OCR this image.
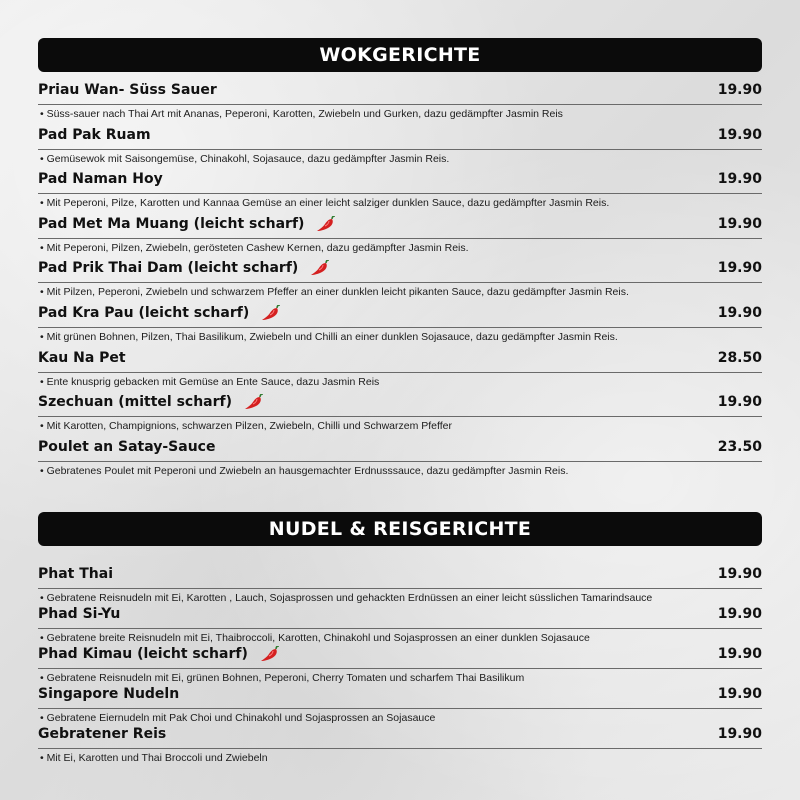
WOKGERICHTE
Priau Wan- Süss Sauer	19.90
• Süss-sauer nach Thai Art mit Ananas, Peperoni, Karotten, Zwiebeln und Gurken, dazu gedämpfter Jasmin Reis
Pad Pak Ruam	19.90
• Gemüsewok mit Saisongemüse, Chinakohl, Sojasauce, dazu gedämpfter Jasmin Reis.
Pad Naman Hoy	19.90
• Mit Peperoni, Pilze, Karotten und Kannaa Gemüse an einer leicht salziger dunklen Sauce, dazu gedämpfter Jasmin Reis.
Pad Met Ma Muang (leicht scharf)	19.90
• Mit Peperoni, Pilzen, Zwiebeln, gerösteten Cashew Kernen, dazu gedämpfter Jasmin Reis.
Pad Prik Thai Dam (leicht scharf)	19.90
• Mit Pilzen, Peperoni, Zwiebeln und schwarzem Pfeffer an einer dunklen leicht pikanten Sauce, dazu gedämpfter Jasmin Reis.
Pad Kra Pau (leicht scharf)	19.90
• Mit grünen Bohnen, Pilzen, Thai Basilikum, Zwiebeln und Chilli an einer dunklen Sojasauce, dazu gedämpfter Jasmin Reis.
Kau Na Pet	28.50
• Ente knusprig gebacken mit Gemüse an Ente Sauce, dazu Jasmin Reis
Szechuan (mittel scharf)	19.90
• Mit Karotten, Champignions, schwarzen Pilzen, Zwiebeln, Chilli und Schwarzem Pfeffer
Poulet an Satay-Sauce	23.50
• Gebratenes Poulet mit Peperoni und Zwiebeln an hausgemachter Erdnusssauce, dazu gedämpfter Jasmin Reis.
NUDEL & REISGERICHTE
Phat Thai	19.90
• Gebratene Reisnudeln mit Ei, Karotten , Lauch, Sojasprossen und gehackten Erdnüssen an einer leicht süsslichen Tamarindsauce
Phad Si-Yu	19.90
• Gebratene breite Reisnudeln mit Ei, Thaibroccoli, Karotten, Chinakohl und Sojasprossen an einer dunklen Sojasauce
Phad Kimau (leicht scharf)	19.90
• Gebratene Reisnudeln mit Ei, grünen Bohnen, Peperoni, Cherry Tomaten und scharfem Thai Basilikum
Singapore Nudeln	19.90
• Gebratene Eiernudeln mit Pak Choi und Chinakohl und Sojasprossen an Sojasauce
Gebratener Reis	19.90
• Mit Ei, Karotten und Thai Broccoli und Zwiebeln
